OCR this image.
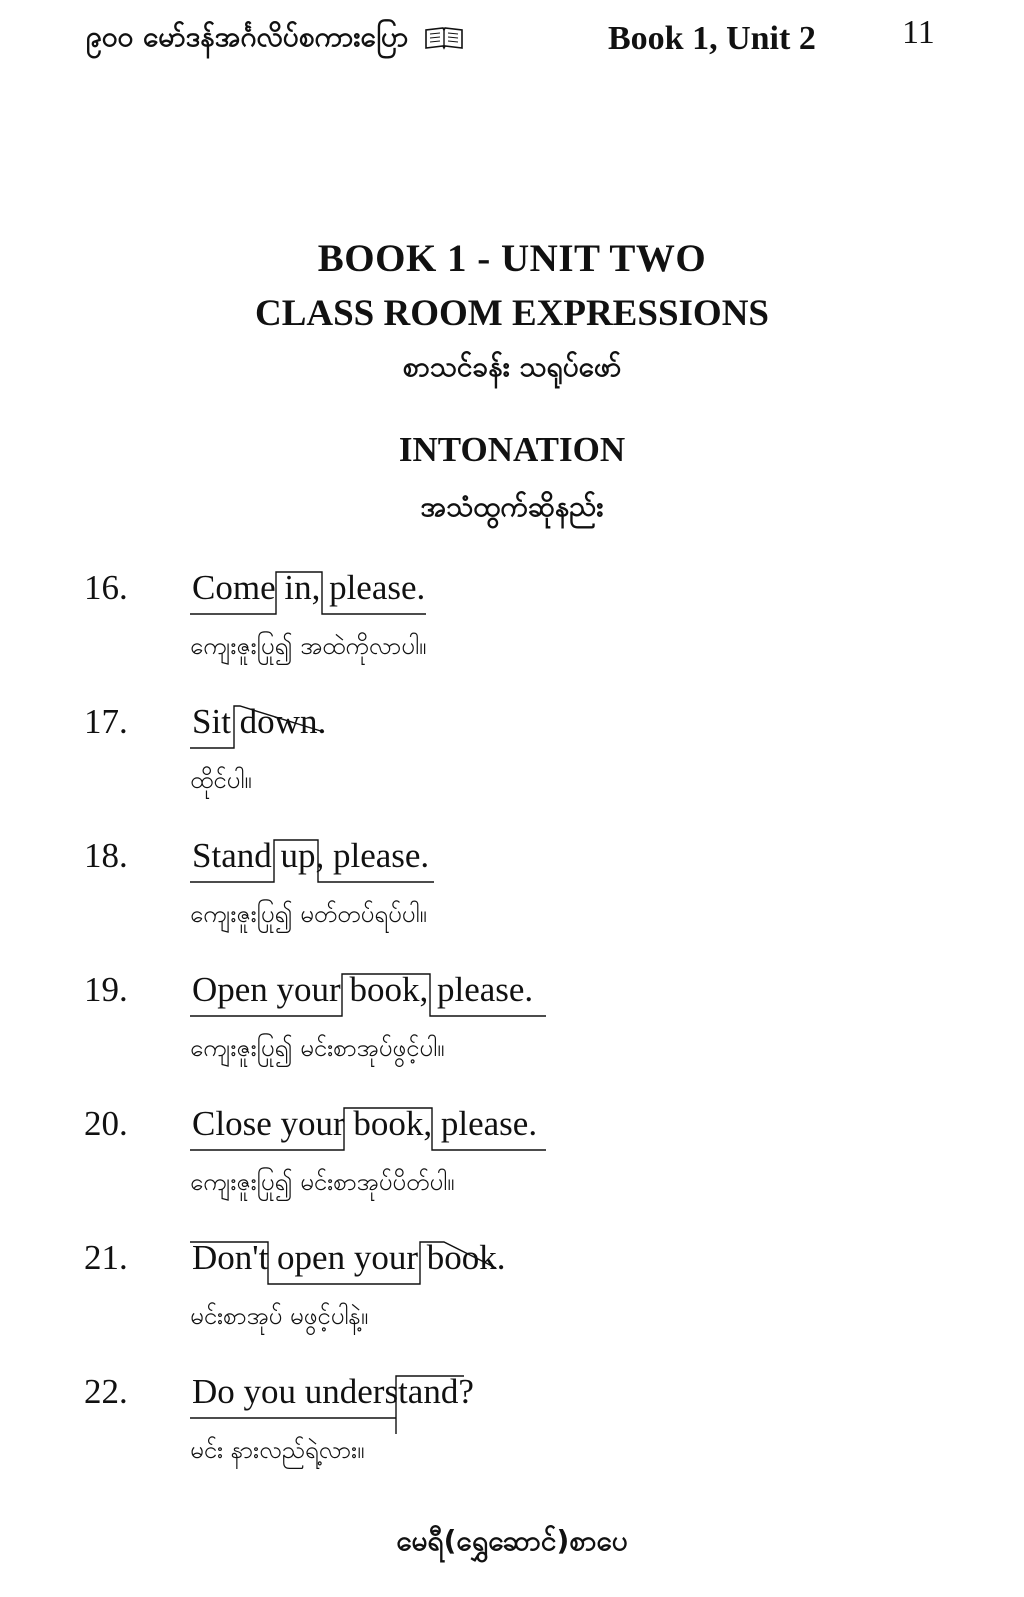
၉၀၀ မော်ဒန်အင်္ဂလိပ်စကားပြော	Book 1, Unit 2	11
BOOK 1 - UNIT TWO
CLASS ROOM EXPRESSIONS
စာသင်ခန်း သရုပ်ဖော်
INTONATION
အသံထွက်ဆိုနည်း
16. Come in, please.
ကျေးဇူးပြု၍ အထဲကိုလာပါ။
17. Sit down.
ထိုင်ပါ။
18. Stand up, please.
ကျေးဇူးပြု၍ မတ်တပ်ရပ်ပါ။
19. Open your book, please.
ကျေးဇူးပြု၍ မင်းစာအုပ်ဖွင့်ပါ။
20. Close your book, please.
ကျေးဇူးပြု၍ မင်းစာအုပ်ပိတ်ပါ။
21. Don't open your book.
မင်းစာအုပ် မဖွင့်ပါနဲ့။
22. Do you understand?
မင်း နားလည်ရဲ့လား။
မေရီ(ရွှေဆောင်)စာပေ
